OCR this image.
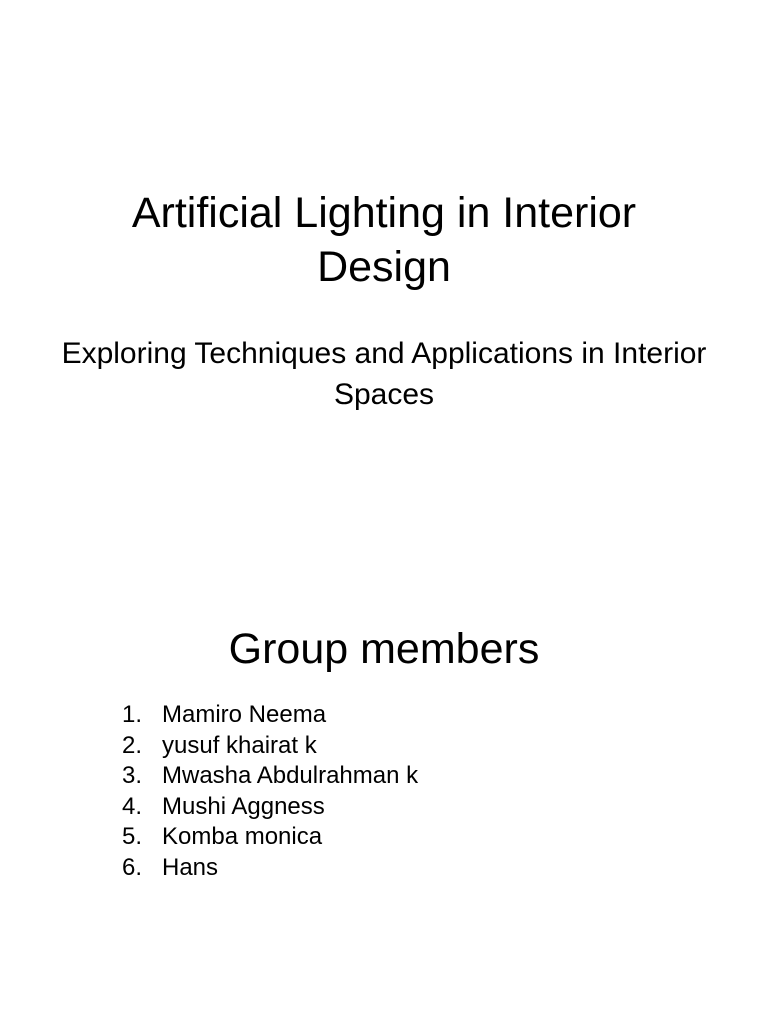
Artificial Lighting in Interior Design

Exploring Techniques and Applications in Interior Spaces

Group members
1. Mamiro Neema
2. yusuf khairat k
3. Mwasha Abdulrahman k
4. Mushi Aggness
5. Komba monica
6. Hans
